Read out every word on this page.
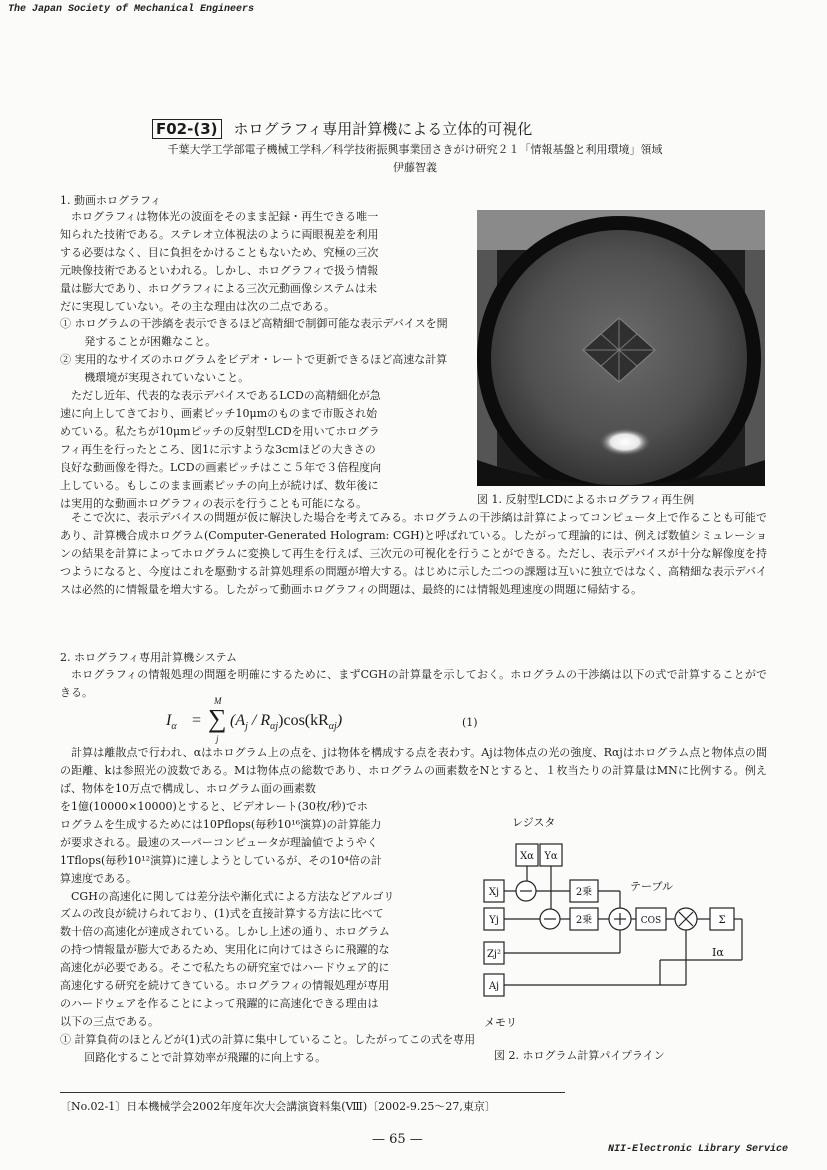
The Japan Society of Mechanical Engineers
F02-(3) ホログラフィ専用計算機による立体的可視化
千葉大学工学部電子機械工学科／科学技術振興事業団さきがけ研究２１「情報基盤と利用環境」領域
伊藤智義
1. 動画ホログラフィ
ホログラフィは物体光の波面をそのまま記録・再生できる唯一
知られた技術である。ステレオ立体視法のように両眼視差を利用
する必要はなく、目に負担をかけることもないため、究極の三次
元映像技術であるといわれる。しかし、ホログラフィで扱う情報
量は膨大であり、ホログラフィによる三次元動画像システムは未
だに実現していない。その主な理由は次の二点である。
① ホログラムの干渉縞を表示できるほど高精細で制御可能な表示デバイスを開発することが困難なこと。
② 実用的なサイズのホログラムをビデオ・レートで更新できるほど高速な計算機環境が実現されていないこと。
ただし近年、代表的な表示デバイスであるLCDの高精細化が急
速に向上してきており、画素ピッチ10μmのものまで市販され始
めている。私たちが10μmピッチの反射型LCDを用いてホログラ
フィ再生を行ったところ、図1に示すような3cmほどの大きさの
良好な動画像を得た。LCDの画素ピッチはここ５年で３倍程度向
上している。もしこのまま画素ピッチの向上が続けば、数年後に
は実用的な動画ホログラフィの表示を行うことも可能になる。	図 1. 反射型LCDによるホログラフィ再生例
そこで次に、表示デバイスの問題が仮に解決した場合を考えてみる。ホログラムの干渉縞は計算によってコンピュータ上で作ることも可能であり、計算機合成ホログラム(Computer-Generated Hologram: CGH)と呼ばれている。したがって理論的には、例えば数値シミュレーションの結果を計算によってホログラムに変換して再生を行えば、三次元の可視化を行うことができる。ただし、表示デバイスが十分な解像度を持つようになると、今度はこれを駆動する計算処理系の問題が増大する。はじめに示した二つの課題は互いに独立ではなく、高精細な表示デバイスは必然的に情報量を増大する。したがって動画ホログラフィの問題は、最終的には情報処理速度の問題に帰結する。
2. ホログラフィ専用計算機システム
ホログラフィの情報処理の問題を明確にするために、まずCGHの計算量を示しておく。ホログラムの干渉縞は以下の式で計算することができる。
$I_\alpha$ = ∑
M
j
$(A_j / R_{\alpha j})\cos(kR_{\alpha j})$	(1)
計算は離散点で行われ、αはホログラム上の点を、jは物体を構成する点を表わす。Ajは物体点の光の強度、Rαjはホログラム点と物体点の間の距離、kは参照光の波数である。Mは物体点の総数であり、ホログラムの画素数をNとすると、１枚当たりの計算量はMNに比例する。例えば、物体を10万点で構成し、ホログラム面の画素数
を1億(10000×10000)とすると、ビデオレート(30枚/秒)でホ
ログラムを生成するためには10Pflops(毎秒10¹⁶演算)の計算能力
が要求される。最速のスーパーコンピュータが理論値でようやく
1Tflops(毎秒10¹²演算)に達しようとしているが、その10⁴倍の計
算速度である。
　CGHの高速化に関しては差分法や漸化式による方法などアルゴリ
ズムの改良が続けられており、(1)式を直接計算する方法に比べて
数十倍の高速化が達成されている。しかし上述の通り、ホログラム
の持つ情報量が膨大であるため、実用化に向けてはさらに飛躍的な
高速化が必要である。そこで私たちの研究室ではハードウェア的に
高速化する研究を続けてきている。ホログラフィの情報処理が専用
のハードウェアを作ることによって飛躍的に高速化できる理由は
以下の三点である。
① 計算負荷のほとんどが(1)式の計算に集中していること。したがってこの式を専用回路化することで計算効率が飛躍的に向上する。
Xα Yα
Xj
Yj
Zj²
Aj
2乗
2乗	COS	Σ
レジスタ
テーブル
メモリ
Iα
図 2. ホログラム計算パイプライン
〔No.02-1〕日本機械学会2002年度年次大会講演資料集(Ⅷ)〔2002-9.25〜27,東京〕
— 65 —
NII-Electronic Library Service
